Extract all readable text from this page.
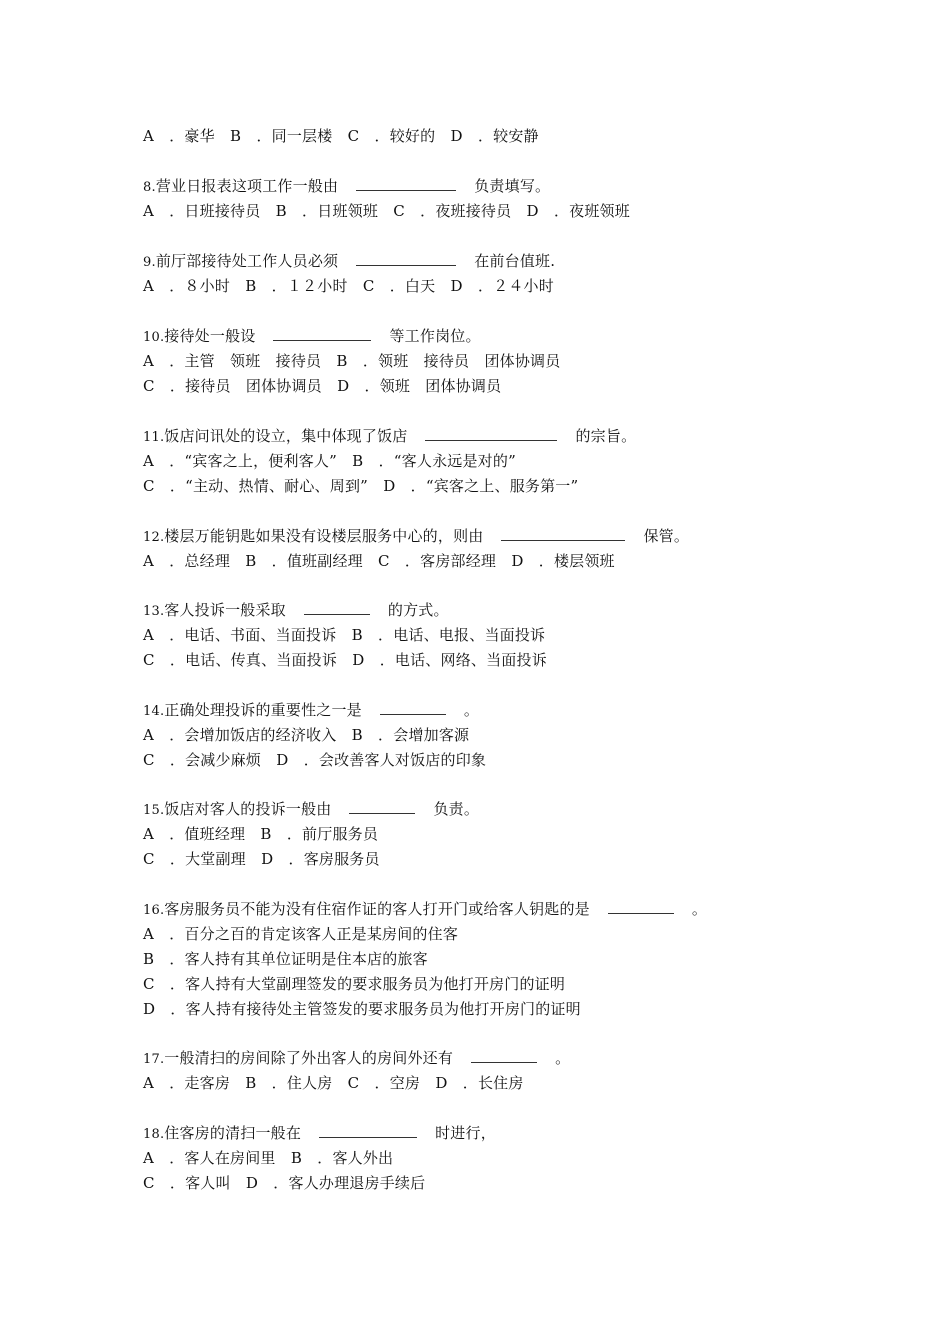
A　．豪华　B　．同一层楼　C　．较好的　D　．较安静
8.营业日报表这项工作一般由	负责填写。
A　．日班接待员　B　．日班领班　C　．夜班接待员　D　．夜班领班
9.前厅部接待处工作人员必须	在前台值班.
A　．８小时　B　．１２小时　C　．白天　D　．２４小时
10.接待处一般设	等工作岗位。
A　．主管　领班　接待员　B　．领班　接待员　团体协调员
C　．接待员　团体协调员　D　．领班　团体协调员
11.饭店问讯处的设立，集中体现了饭店	的宗旨。
A　．“宾客之上，便利客人”　B　．“客人永远是对的”
C　．“主动、热情、耐心、周到”　D　．“宾客之上、服务第一”
12.楼层万能钥匙如果没有设楼层服务中心的，则由	保管。
A　．总经理　B　．值班副经理　C　．客房部经理　D　．楼层领班
13.客人投诉一般采取	的方式。
A　．电话、书面、当面投诉　B　．电话、电报、当面投诉
C　．电话、传真、当面投诉　D　．电话、网络、当面投诉
14.正确处理投诉的重要性之一是	。
A　．会增加饭店的经济收入　B　．会增加客源
C　．会减少麻烦　D　．会改善客人对饭店的印象
15.饭店对客人的投诉一般由	负责。
A　．值班经理　B　．前厅服务员
C　．大堂副理　D　．客房服务员
16.客房服务员不能为没有住宿作证的客人打开门或给客人钥匙的是	。
A　．百分之百的肯定该客人正是某房间的住客
B　．客人持有其单位证明是住本店的旅客
C　．客人持有大堂副理签发的要求服务员为他打开房门的证明
D　．客人持有接待处主管签发的要求服务员为他打开房门的证明
17.一般清扫的房间除了外出客人的房间外还有	。
A　．走客房　B　．住人房　C　．空房　D　．长住房
18.住客房的清扫一般在	时进行，
A　．客人在房间里　B　．客人外出
C　．客人叫　D　．客人办理退房手续后
